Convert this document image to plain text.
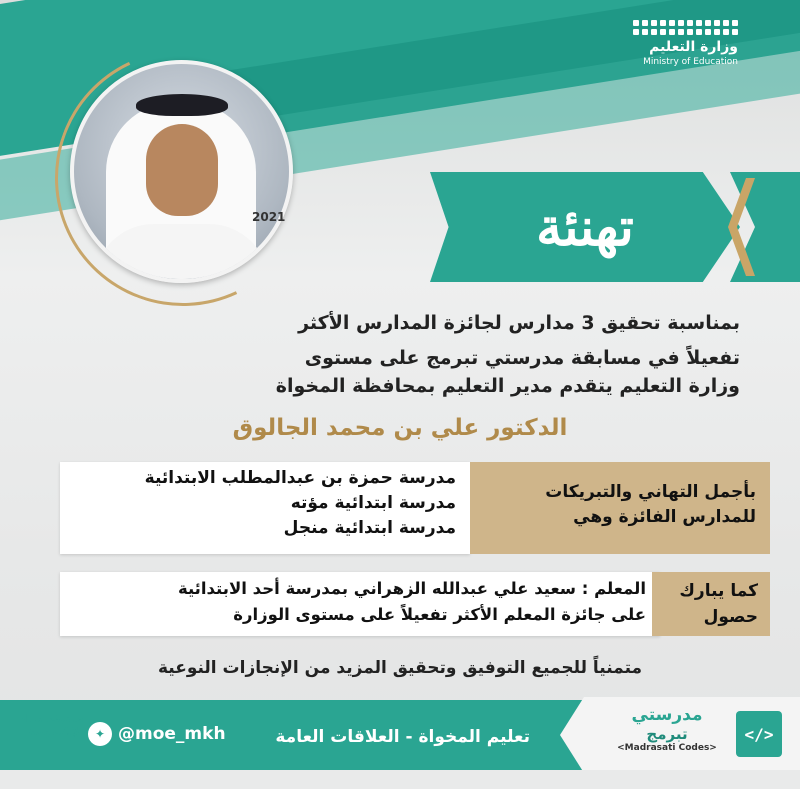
وزارة التعليم
Ministry of Education
2021	تهنئة
بمناسبة تحقيق 3 مدارس لجائزة المدارس الأكثر
تفعيلاً في مسابقة مدرستي تبرمج على مستوى
وزارة التعليم يتقدم مدير التعليم بمحافظة المخواة
الدكتور علي بن محمد الجالوق
مدرسة حمزة بن عبدالمطلب الابتدائية
مدرسة ابتدائية مؤته
مدرسة ابتدائية منجل
بأجمل التهاني والتبريكات للمدارس الفائزة وهي
المعلم : سعيد علي عبدالله الزهراني بمدرسة أحد الابتدائية
على جائزة المعلم الأكثر تفعيلاً على مستوى الوزارة
كما يبارك حصول
متمنياً للجميع التوفيق وتحقيق المزيد من الإنجازات النوعية
</>
مدرستي
تبرمج
<Madrasati Codes>
تعليم المخواة - العلاقات العامة
✦ @moe_mkh
صحيفة مداد الإلكترونية
